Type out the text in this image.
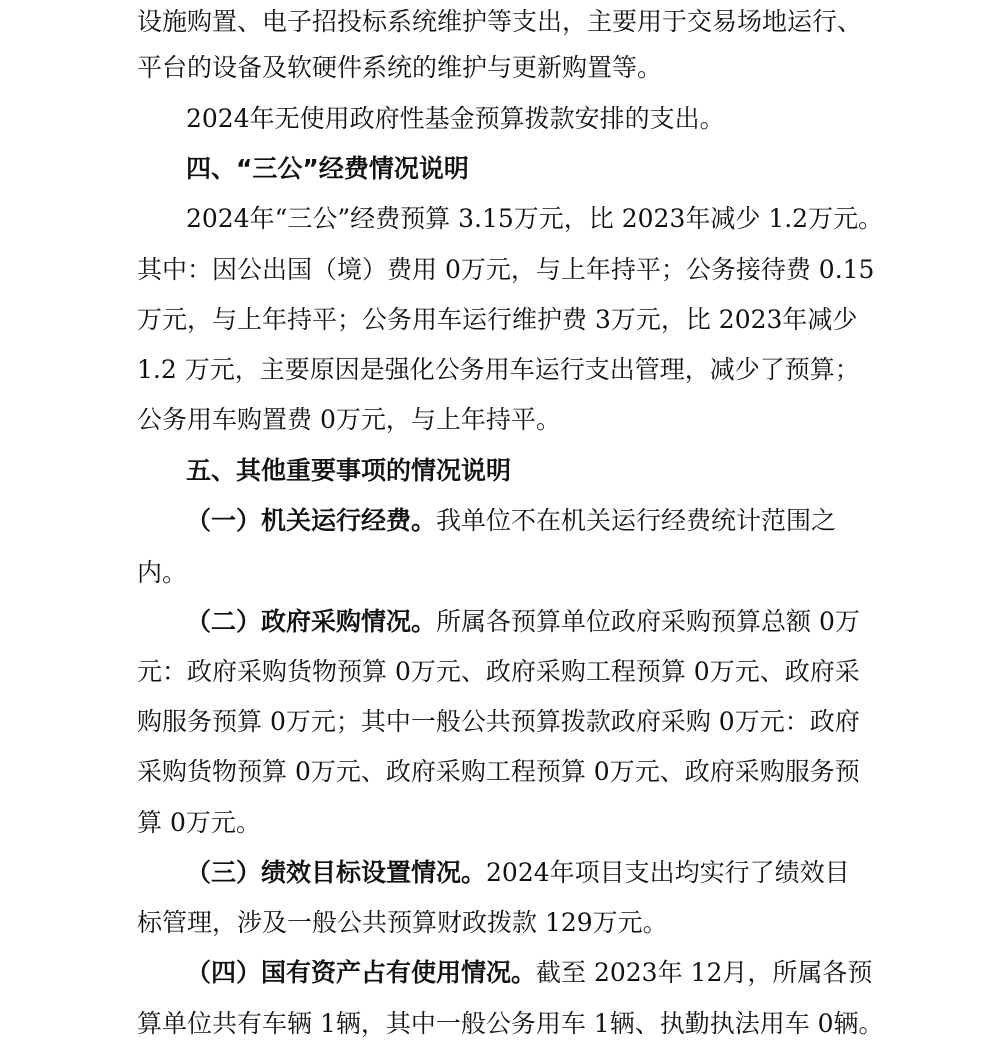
设施购置、电子招投标系统维护等支出，主要用于交易场地运行、
平台的设备及软硬件系统的维护与更新购置等。
2024年无使用政府性基金预算拨款安排的支出。
四、“三公”经费情况说明
2024年“三公”经费预算 3.15万元，比 2023年减少 1.2万元。
其中：因公出国（境）费用 0万元，与上年持平；公务接待费 0.15
万元，与上年持平；公务用车运行维护费 3万元，比 2023年减少
1.2 万元，主要原因是强化公务用车运行支出管理，减少了预算；
公务用车购置费 0万元，与上年持平。
五、其他重要事项的情况说明
（一）机关运行经费。我单位不在机关运行经费统计范围之
内。
（二）政府采购情况。所属各预算单位政府采购预算总额 0万
元：政府采购货物预算 0万元、政府采购工程预算 0万元、政府采
购服务预算 0万元；其中一般公共预算拨款政府采购 0万元：政府
采购货物预算 0万元、政府采购工程预算 0万元、政府采购服务预
算 0万元。
（三）绩效目标设置情况。2024年项目支出均实行了绩效目
标管理，涉及一般公共预算财政拨款 129万元。
（四）国有资产占有使用情况。截至 2023年 12月，所属各预
算单位共有车辆 1辆，其中一般公务用车 1辆、执勤执法用车 0辆。
